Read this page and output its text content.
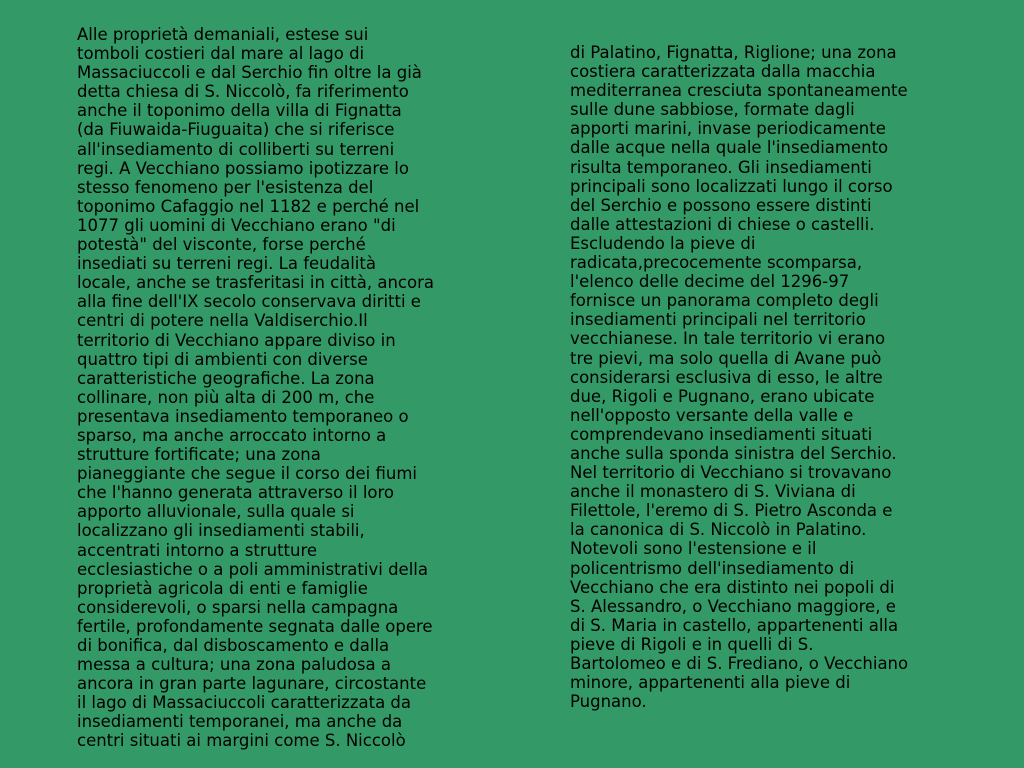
Alle proprietà demaniali, estese sui
tomboli costieri dal mare al lago di
Massaciuccoli e dal Serchio fin oltre la già
detta chiesa di S. Niccolò, fa riferimento
anche il toponimo della villa di Fignatta
(da Fiuwaida-Fiuguaita) che si riferisce
all'insediamento di colliberti su terreni
regi. A Vecchiano possiamo ipotizzare lo
stesso fenomeno per l'esistenza del
toponimo Cafaggio nel 1182 e perché nel
1077 gli uomini di Vecchiano erano "di
potestà" del visconte, forse perché
insediati su terreni regi. La feudalità
locale, anche se trasferitasi in città, ancora
alla fine dell'IX secolo conservava diritti e
centri di potere nella Valdiserchio.Il
territorio di Vecchiano appare diviso in
quattro tipi di ambienti con diverse
caratteristiche geografiche. La zona
collinare, non più alta di 200 m, che
presentava insediamento temporaneo o
sparso, ma anche arroccato intorno a
strutture fortificate; una zona
pianeggiante che segue il corso dei fiumi
che l'hanno generata attraverso il loro
apporto alluvionale, sulla quale si
localizzano gli insediamenti stabili,
accentrati intorno a strutture
ecclesiastiche o a poli amministrativi della
proprietà agricola di enti e famiglie
considerevoli, o sparsi nella campagna
fertile, profondamente segnata dalle opere
di bonifica, dal disboscamento e dalla
messa a cultura; una zona paludosa a
ancora in gran parte lagunare, circostante
il lago di Massaciuccoli caratterizzata da
insediamenti temporanei, ma anche da
centri situati ai margini come S. Niccolò
di Palatino, Fignatta, Riglione; una zona
costiera caratterizzata dalla macchia
mediterranea cresciuta spontaneamente
sulle dune sabbiose, formate dagli
apporti marini, invase periodicamente
dalle acque nella quale l'insediamento
risulta temporaneo. Gli insediamenti
principali sono localizzati lungo il corso
del Serchio e possono essere distinti
dalle attestazioni di chiese o castelli.
Escludendo la pieve di
radicata,precocemente scomparsa,
l'elenco delle decime del 1296-97
fornisce un panorama completo degli
insediamenti principali nel territorio
vecchianese. In tale territorio vi erano
tre pievi, ma solo quella di Avane può
considerarsi esclusiva di esso, le altre
due, Rigoli e Pugnano, erano ubicate
nell'opposto versante della valle e
comprendevano insediamenti situati
anche sulla sponda sinistra del Serchio.
Nel territorio di Vecchiano si trovavano
anche il monastero di S. Viviana di
Filettole, l'eremo di S. Pietro Asconda e
la canonica di S. Niccolò in Palatino.
Notevoli sono l'estensione e il
policentrismo dell'insediamento di
Vecchiano che era distinto nei popoli di
S. Alessandro, o Vecchiano maggiore, e
di S. Maria in castello, appartenenti alla
pieve di Rigoli e in quelli di S.
Bartolomeo e di S. Frediano, o Vecchiano
minore, appartenenti alla pieve di
Pugnano.
